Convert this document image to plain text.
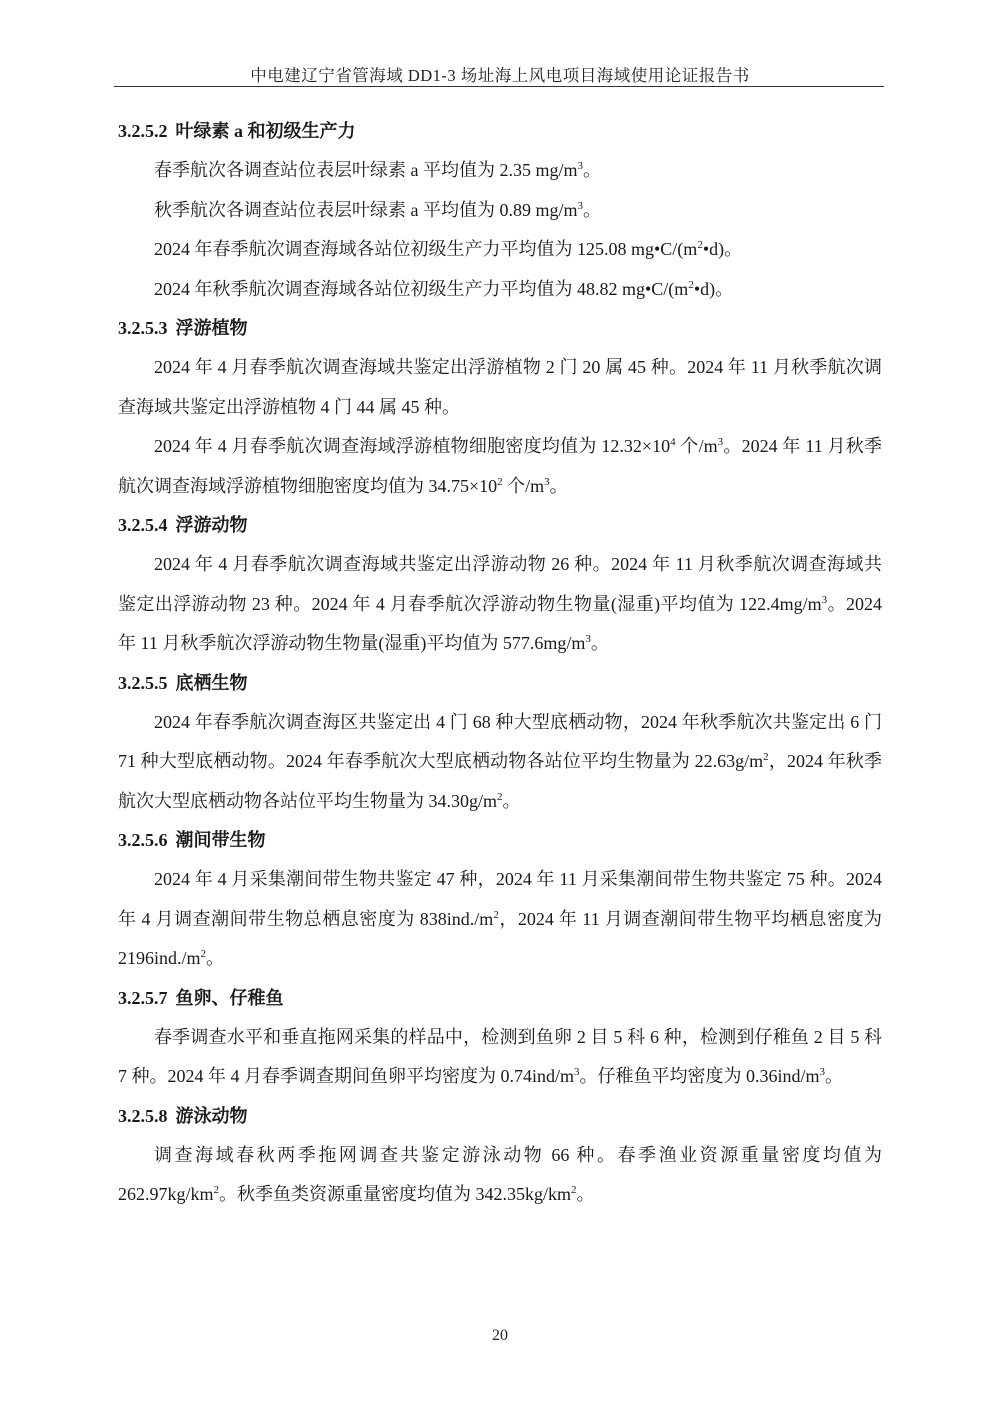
中电建辽宁省管海域 DD1-3 场址海上风电项目海域使用论证报告书
3.2.5.2 叶绿素 a 和初级生产力

春季航次各调查站位表层叶绿素 a 平均值为 2.35 $mg/m^3$。

秋季航次各调查站位表层叶绿素 a 平均值为 0.89 $mg/m^3$。

2024 年春季航次调查海域各站位初级生产力平均值为 125.08 $mg•C/(m^2•d)$。

2024 年秋季航次调查海域各站位初级生产力平均值为 48.82 $mg•C/(m^2•d)$。

3.2.5.3 浮游植物

2024 年 4 月春季航次调查海域共鉴定出浮游植物 2 门 20 属 45 种。2024 年 11 月秋季航次调查海域共鉴定出浮游植物 4 门 44 属 45 种。

2024 年 4 月春季航次调查海域浮游植物细胞密度均值为 $12.32\times 10^4$ 个$/m^3$。2024 年 11 月秋季航次调查海域浮游植物细胞密度均值为 $34.75\times 10^2$ 个$/m^3$。

3.2.5.4 浮游动物

2024 年 4 月春季航次调查海域共鉴定出浮游动物 26 种。2024 年 11 月秋季航次调查海域共鉴定出浮游动物 23 种。2024 年 4 月春季航次浮游动物生物量(湿重)平均值为 $122.4mg/m^3$。2024 年 11 月秋季航次浮游动物生物量(湿重)平均值为 $577.6mg/m^3$。

3.2.5.5 底栖生物

2024 年春季航次调查海区共鉴定出 4 门 68 种大型底栖动物，2024 年秋季航次共鉴定出 6 门 71 种大型底栖动物。2024 年春季航次大型底栖动物各站位平均生物量为 $22.63g/m^2$，2024 年秋季航次大型底栖动物各站位平均生物量为 $34.30g/m^2$。

3.2.5.6 潮间带生物

2024 年 4 月采集潮间带生物共鉴定 47 种，2024 年 11 月采集潮间带生物共鉴定 75 种。2024 年 4 月调查潮间带生物总栖息密度为 $838ind./m^2$，2024 年 11 月调查潮间带生物平均栖息密度为 $2196ind./m^2$。

3.2.5.7 鱼卵、仔稚鱼

春季调查水平和垂直拖网采集的样品中，检测到鱼卵 2 目 5 科 6 种，检测到仔稚鱼 2 目 5 科 7 种。2024 年 4 月春季调查期间鱼卵平均密度为 $0.74ind/m^3$。仔稚鱼平均密度为 $0.36ind/m^3$。

3.2.5.8 游泳动物

调查海域春秋两季拖网调查共鉴定游泳动物 66 种。春季渔业资源重量密度均值为 $262.97kg/km^2$。秋季鱼类资源重量密度均值为 $342.35kg/km^2$。

20
